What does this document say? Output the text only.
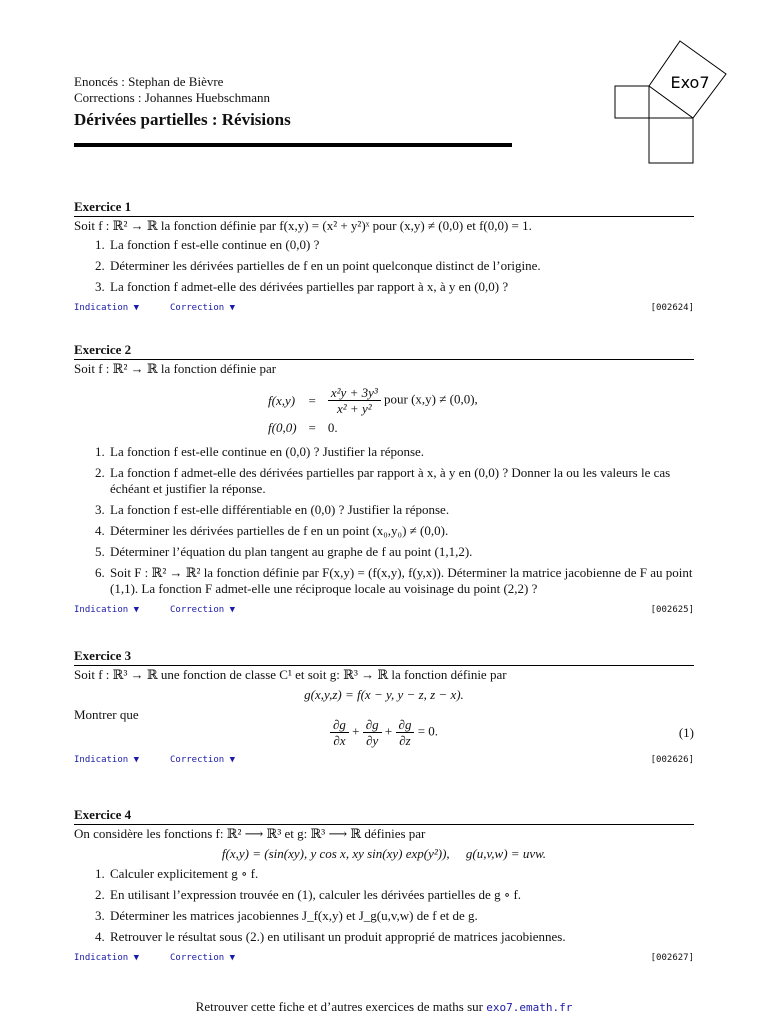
Enoncés : Stephan de Bièvre
Corrections : Johannes Huebschmann
Dérivées partielles : Révisions
Exo7
Exercice 1
Soit f : ℝ² → ℝ la fonction définie par f(x,y) = (x² + y²)ˣ pour (x,y) ≠ (0,0) et f(0,0) = 1.
1. La fonction f est-elle continue en (0,0) ?
2. Déterminer les dérivées partielles de f en un point quelconque distinct de l’origine.
3. La fonction f admet-elle des dérivées partielles par rapport à x, à y en (0,0) ?
Indication ▼	Correction ▼	[002624]
Exercice 2
Soit f : ℝ² → ℝ la fonction définie par
f(x,y)	=	$\frac{\text{x²y + 3y³}}{\text{x² + y²}}$ pour (x,y) ≠ (0,0),
f(0,0)	=	0.
1. La fonction f est-elle continue en (0,0) ? Justifier la réponse.
2. La fonction f admet-elle des dérivées partielles par rapport à x, à y en (0,0) ? Donner la ou les valeurs le cas échéant et justifier la réponse.
3. La fonction f est-elle différentiable en (0,0) ? Justifier la réponse.
4. Déterminer les dérivées partielles de f en un point (x₀,y₀) ≠ (0,0).
5. Déterminer l’équation du plan tangent au graphe de f au point (1,1,2).
6. Soit F : ℝ² → ℝ² la fonction définie par F(x,y) = (f(x,y), f(y,x)). Déterminer la matrice jacobienne de F au point (1,1). La fonction F admet-elle une réciproque locale au voisinage du point (2,2) ?
Indication ▼	Correction ▼	[002625]
Exercice 3
Soit f : ℝ³ → ℝ une fonction de classe C¹ et soit g: ℝ³ → ℝ la fonction définie par
g(x,y,z) = f(x − y, y − z, z − x).
Montrer que
$\frac{\partial g}{\partial x} + \frac{\partial g}{\partial y} + \frac{\partial g}{\partial z} = 0$.	(1)
Indication ▼	Correction ▼	[002626]
Exercice 4
On considère les fonctions f: ℝ² ⟶ ℝ³ et g: ℝ³ ⟶ ℝ définies par
f(x,y) = (sin(xy), y cos x, xy sin(xy) exp(y²)),     g(u,v,w) = uvw.
1. Calculer explicitement g ∘ f.
2. En utilisant l’expression trouvée en (1), calculer les dérivées partielles de g ∘ f.
3. Déterminer les matrices jacobiennes J_f(x,y) et J_g(u,v,w) de f et de g.
4. Retrouver le résultat sous (2.) en utilisant un produit approprié de matrices jacobiennes.
Indication ▼	Correction ▼	[002627]
Retrouver cette fiche et d’autres exercices de maths sur exo7.emath.fr
